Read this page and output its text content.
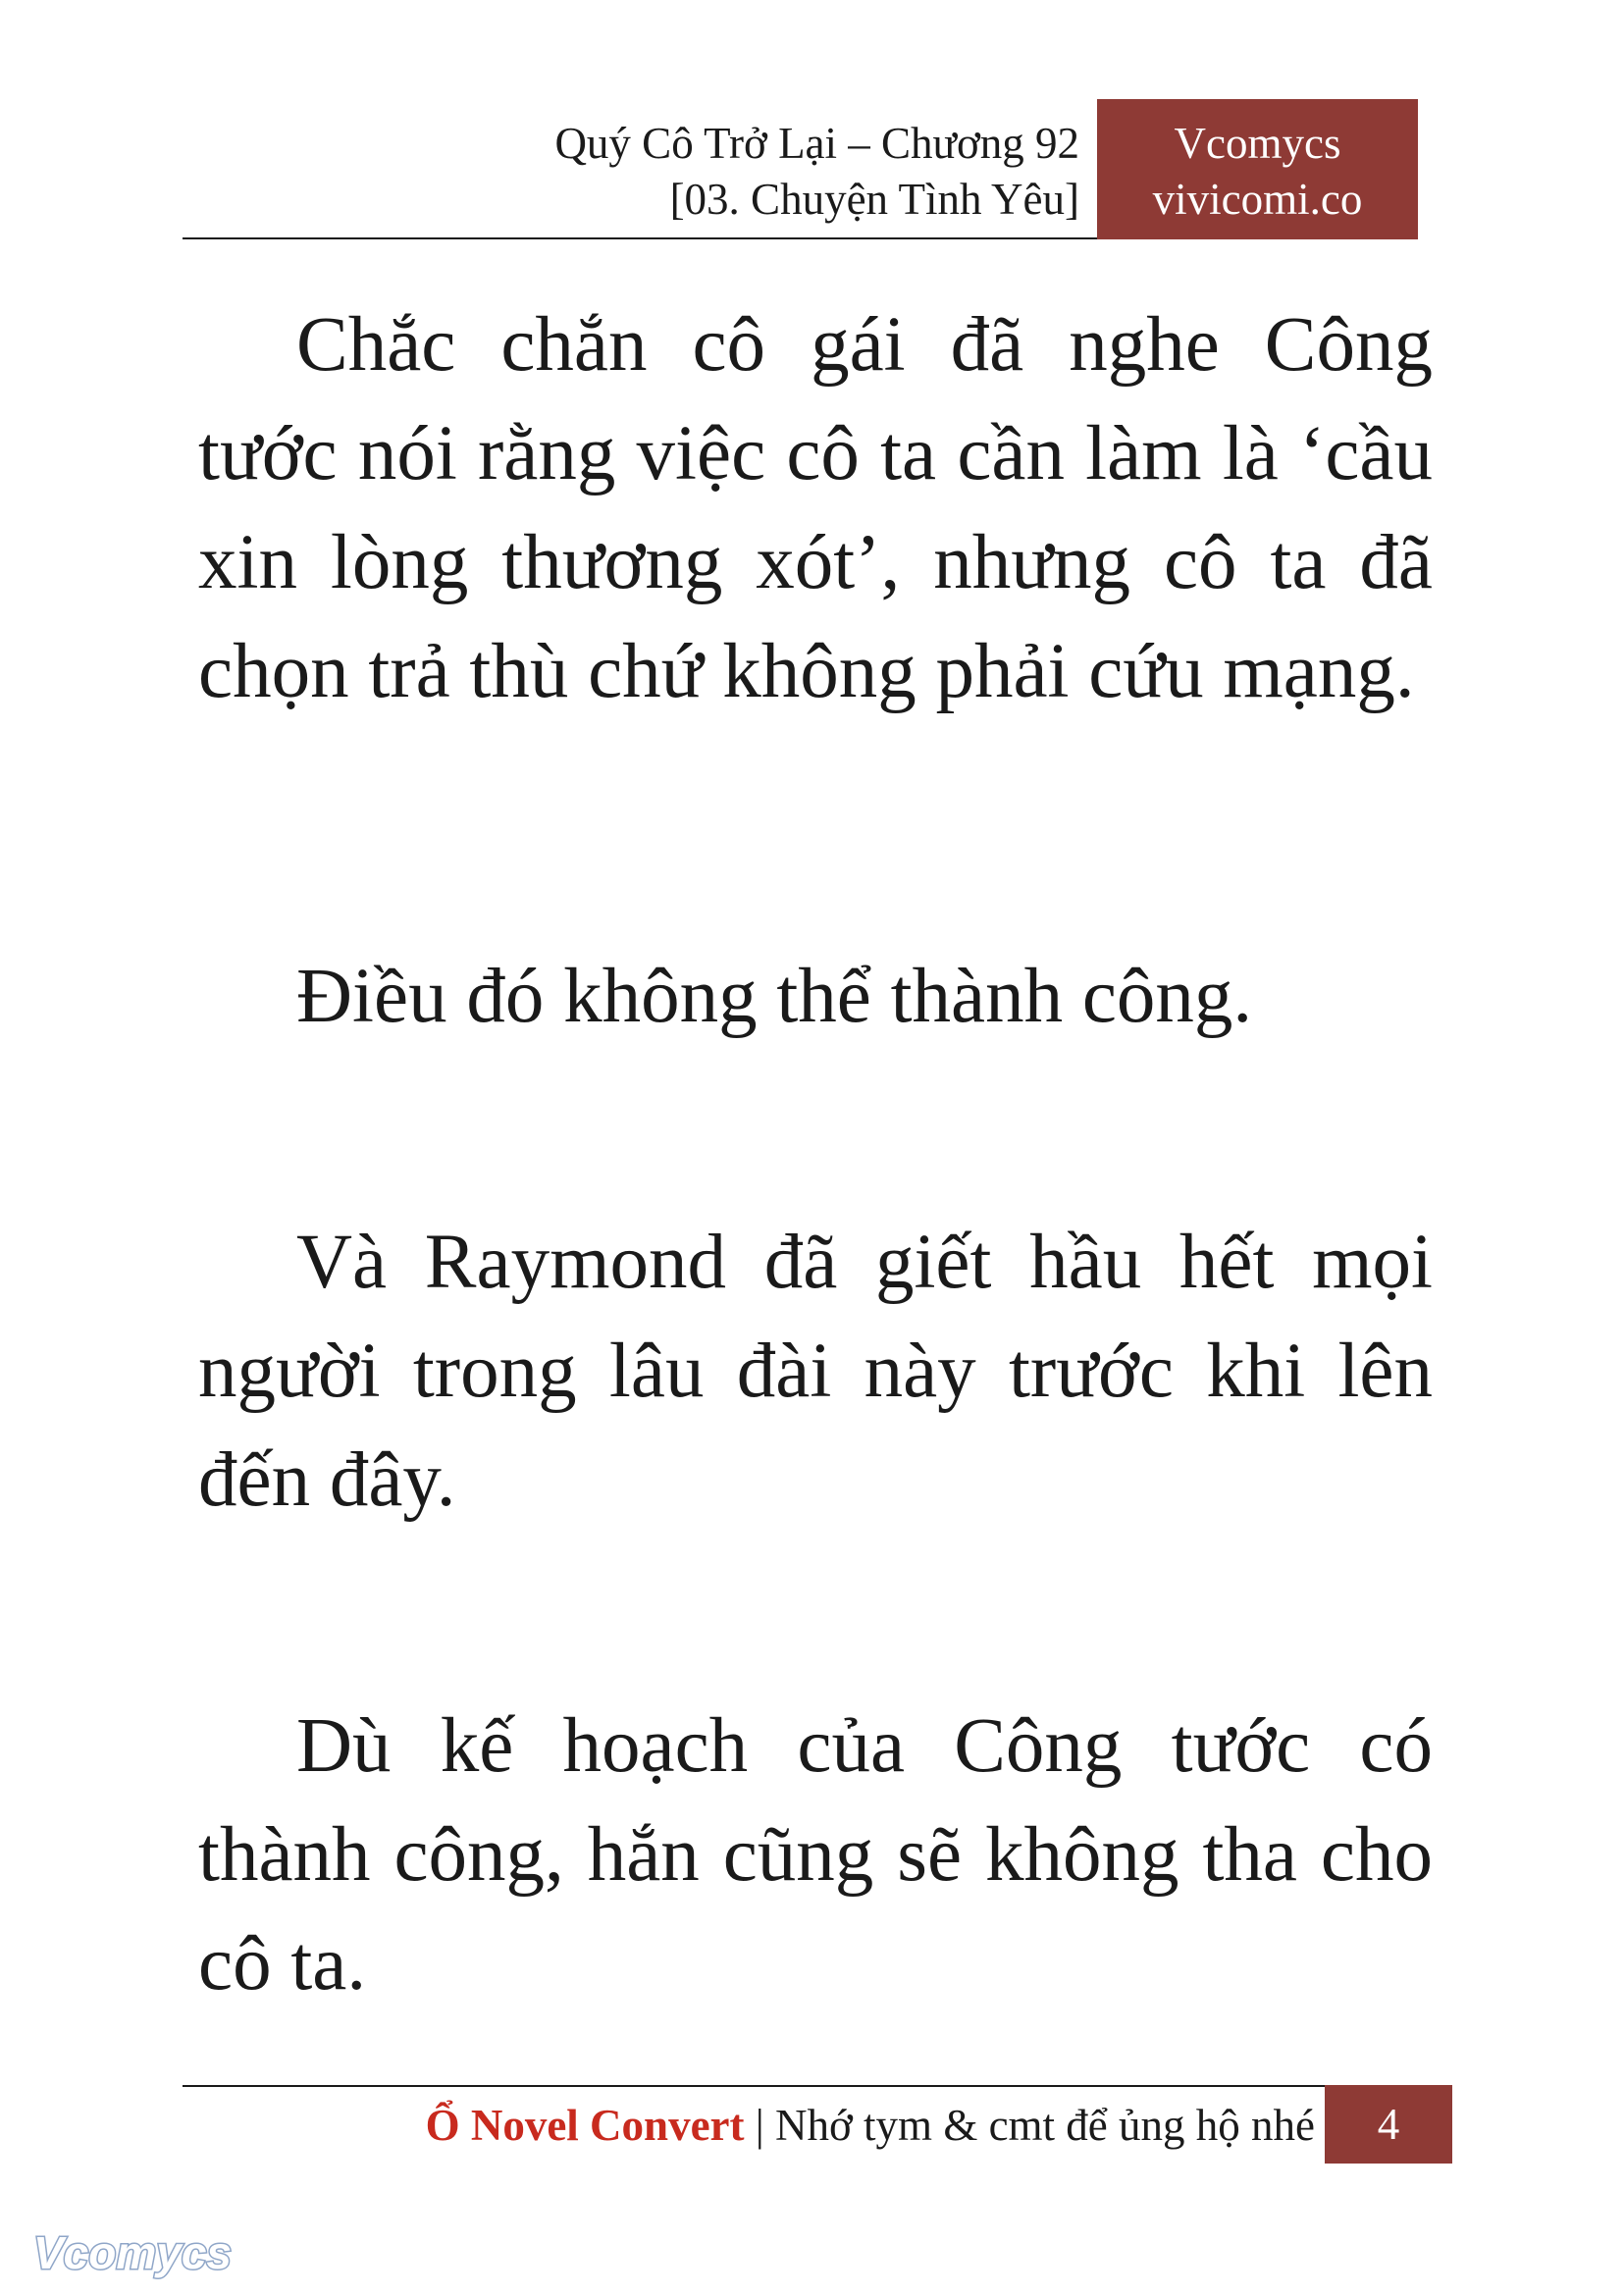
Quý Cô Trở Lại – Chương 92
[03. Chuyện Tình Yêu]
Vcomycs
vivicomi.co

Chắc chắn cô gái đã nghe Công tước nói rằng việc cô ta cần làm là ‘cầu xin lòng thương xót’, nhưng cô ta đã chọn trả thù chứ không phải cứu mạng.

Điều đó không thể thành công.

Và Raymond đã giết hầu hết mọi người trong lâu đài này trước khi lên đến đây.

Dù kế hoạch của Công tước có thành công, hắn cũng sẽ không tha cho cô ta.

Ổ Novel Convert | Nhớ tym & cmt để ủng hộ nhé	4
Vcomycs
